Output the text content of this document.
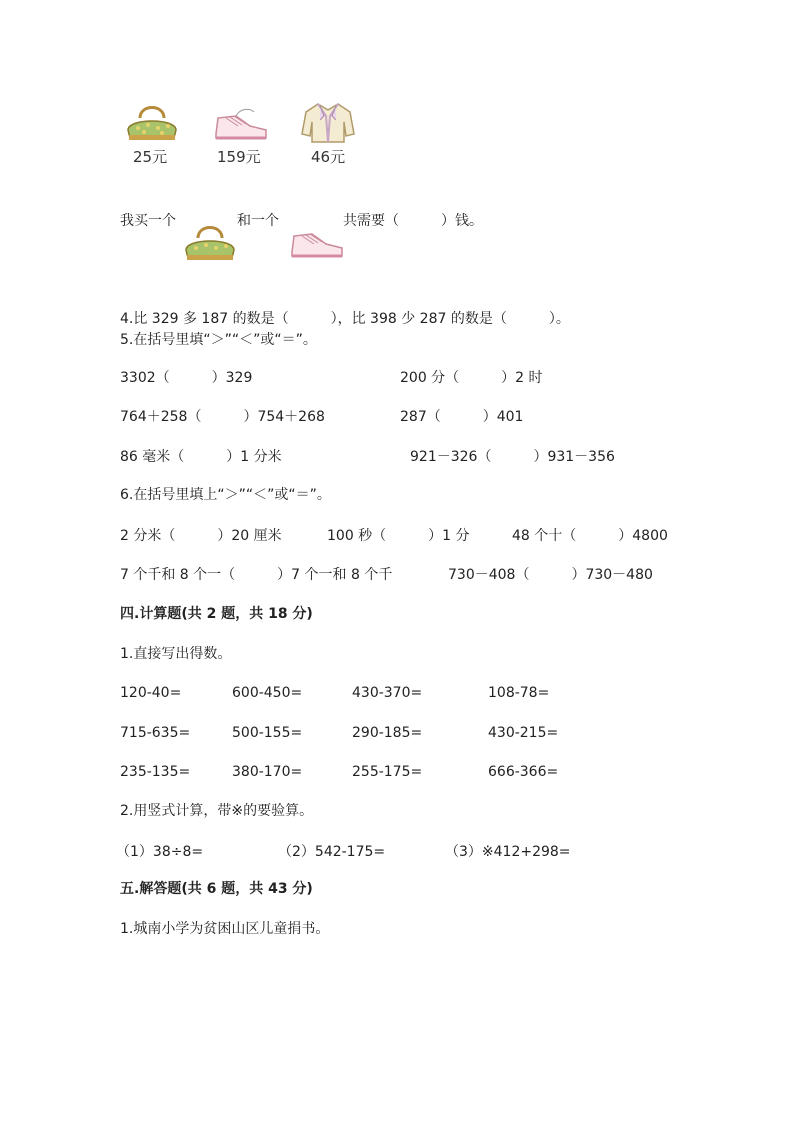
25元	159元	46元
我买一个	和一个	共需要（　　　）钱。
4.比 329 多 187 的数是（　　　），比 398 少 287 的数是（　　　）。
5.在括号里填“＞”“＜”或“＝”。
3302（　　　）329	200 分（　　　）2 时
764＋258（　　　）754＋268	287（　　　）401
86 毫米（　　　）1 分米	921－326（　　　）931－356
6.在括号里填上“＞”“＜”或“＝”。
2 分米（　　　）20 厘米	100 秒（　　　）1 分	48 个十（　　　）4800
7 个千和 8 个一（　　　）7 个一和 8 个千	730－408（　　　）730－480
四.计算题(共 2 题，共 18 分)
1.直接写出得数。
120-40=	600-450=	430-370=	108-78=
715-635=	500-155=	290-185=	430-215=
235-135=	380-170=	255-175=	666-366=
2.用竖式计算，带※的要验算。
（1）38÷8=	（2）542-175=	（3）※412+298=
五.解答题(共 6 题，共 43 分)
1.城南小学为贫困山区儿童捐书。
